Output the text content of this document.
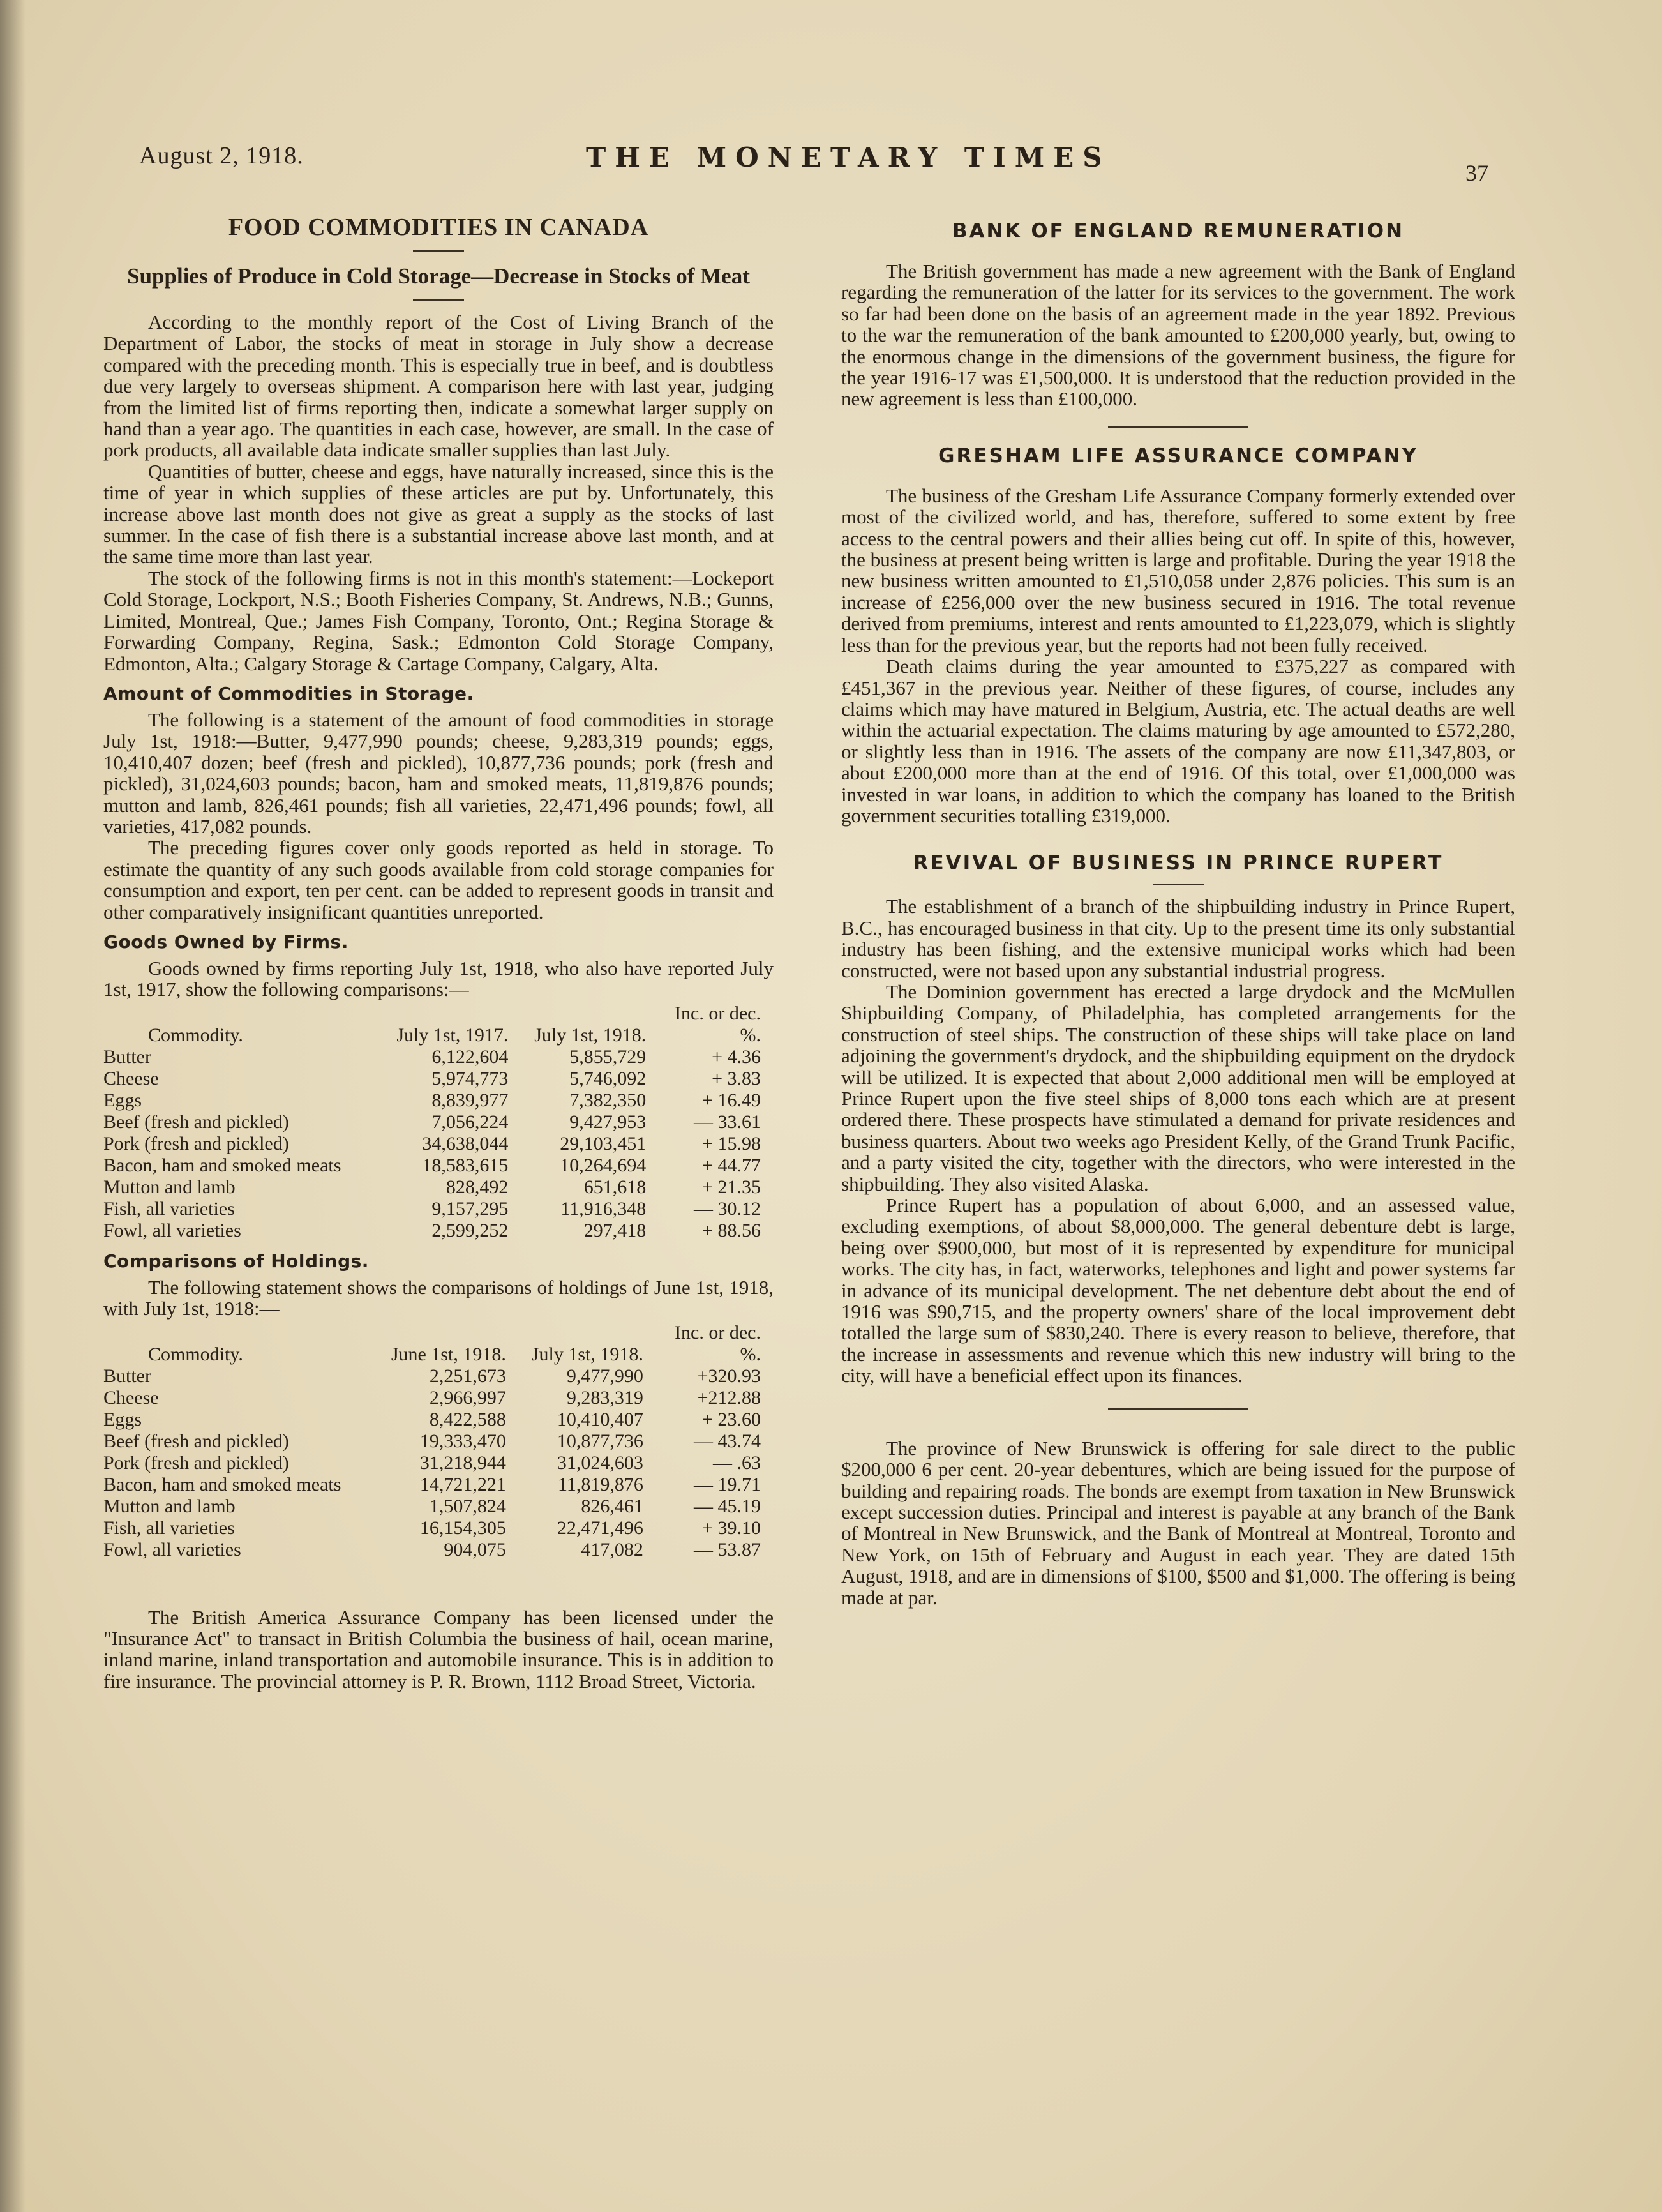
August 2, 1918.	THE MONETARY TIMES	37
FOOD COMMODITIES IN CANADA
Supplies of Produce in Cold Storage—Decrease in Stocks of Meat

According to the monthly report of the Cost of Living Branch of the Department of Labor, the stocks of meat in storage in July show a decrease compared with the preceding month. This is especially true in beef, and is doubtless due very largely to overseas shipment. A comparison here with last year, judging from the limited list of firms reporting then, indicate a somewhat larger supply on hand than a year ago. The quantities in each case, however, are small. In the case of pork products, all available data indicate smaller supplies than last July.

Quantities of butter, cheese and eggs, have naturally increased, since this is the time of year in which supplies of these articles are put by. Unfortunately, this increase above last month does not give as great a supply as the stocks of last summer. In the case of fish there is a substantial increase above last month, and at the same time more than last year.

The stock of the following firms is not in this month's statement:—Lockeport Cold Storage, Lockport, N.S.; Booth Fisheries Company, St. Andrews, N.B.; Gunns, Limited, Montreal, Que.; James Fish Company, Toronto, Ont.; Regina Storage & Forwarding Company, Regina, Sask.; Edmonton Cold Storage Company, Edmonton, Alta.; Calgary Storage & Cartage Company, Calgary, Alta.

Amount of Commodities in Storage.

The following is a statement of the amount of food commodities in storage July 1st, 1918:—Butter, 9,477,990 pounds; cheese, 9,283,319 pounds; eggs, 10,410,407 dozen; beef (fresh and pickled), 10,877,736 pounds; pork (fresh and pickled), 31,024,603 pounds; bacon, ham and smoked meats, 11,819,876 pounds; mutton and lamb, 826,461 pounds; fish all varieties, 22,471,496 pounds; fowl, all varieties, 417,082 pounds.

The preceding figures cover only goods reported as held in storage. To estimate the quantity of any such goods available from cold storage companies for consumption and export, ten per cent. can be added to represent goods in transit and other comparatively insignificant quantities unreported.

Goods Owned by Firms.

Goods owned by firms reporting July 1st, 1918, who also have reported July 1st, 1917, show the following comparisons:—

Commodity.	July 1st, 1917.	July 1st, 1918.	Inc. or dec. %.
Butter	6,122,604	5,855,729	+ 4.36
Cheese	5,974,773	5,746,092	+ 3.83
Eggs	8,839,977	7,382,350	+ 16.49
Beef (fresh and pickled)	7,056,224	9,427,953	— 33.61
Pork (fresh and pickled)	34,638,044	29,103,451	+ 15.98
Bacon, ham and smoked meats	18,583,615	10,264,694	+ 44.77
Mutton and lamb	828,492	651,618	+ 21.35
Fish, all varieties	9,157,295	11,916,348	— 30.12
Fowl, all varieties	2,599,252	297,418	+ 88.56
Comparisons of Holdings.

The following statement shows the comparisons of holdings of June 1st, 1918, with July 1st, 1918:—

Commodity.	June 1st, 1918.	July 1st, 1918.	Inc. or dec. %.
Butter	2,251,673	9,477,990	+320.93
Cheese	2,966,997	9,283,319	+212.88
Eggs	8,422,588	10,410,407	+ 23.60
Beef (fresh and pickled)	19,333,470	10,877,736	— 43.74
Pork (fresh and pickled)	31,218,944	31,024,603	— .63
Bacon, ham and smoked meats	14,721,221	11,819,876	— 19.71
Mutton and lamb	1,507,824	826,461	— 45.19
Fish, all varieties	16,154,305	22,471,496	+ 39.10
Fowl, all varieties	904,075	417,082	— 53.87

The British America Assurance Company has been licensed under the "Insurance Act" to transact in British Columbia the business of hail, ocean marine, inland marine, inland transportation and automobile insurance. This is in addition to fire insurance. The provincial attorney is P. R. Brown, 1112 Broad Street, Victoria.

BANK OF ENGLAND REMUNERATION

The British government has made a new agreement with the Bank of England regarding the remuneration of the latter for its services to the government. The work so far had been done on the basis of an agreement made in the year 1892. Previous to the war the remuneration of the bank amounted to £200,000 yearly, but, owing to the enormous change in the dimensions of the government business, the figure for the year 1916-17 was £1,500,000. It is understood that the reduction provided in the new agreement is less than £100,000.

GRESHAM LIFE ASSURANCE COMPANY

The business of the Gresham Life Assurance Company formerly extended over most of the civilized world, and has, therefore, suffered to some extent by free access to the central powers and their allies being cut off. In spite of this, however, the business at present being written is large and profitable. During the year 1918 the new business written amounted to £1,510,058 under 2,876 policies. This sum is an increase of £256,000 over the new business secured in 1916. The total revenue derived from premiums, interest and rents amounted to £1,223,079, which is slightly less than for the previous year, but the reports had not been fully received.

Death claims during the year amounted to £375,227 as compared with £451,367 in the previous year. Neither of these figures, of course, includes any claims which may have matured in Belgium, Austria, etc. The actual deaths are well within the actuarial expectation. The claims maturing by age amounted to £572,280, or slightly less than in 1916. The assets of the company are now £11,347,803, or about £200,000 more than at the end of 1916. Of this total, over £1,000,000 was invested in war loans, in addition to which the company has loaned to the British government securities totalling £319,000.

REVIVAL OF BUSINESS IN PRINCE RUPERT

The establishment of a branch of the shipbuilding industry in Prince Rupert, B.C., has encouraged business in that city. Up to the present time its only substantial industry has been fishing, and the extensive municipal works which had been constructed, were not based upon any substantial industrial progress.

The Dominion government has erected a large drydock and the McMullen Shipbuilding Company, of Philadelphia, has completed arrangements for the construction of steel ships. The construction of these ships will take place on land adjoining the government's drydock, and the shipbuilding equipment on the drydock will be utilized. It is expected that about 2,000 additional men will be employed at Prince Rupert upon the five steel ships of 8,000 tons each which are at present ordered there. These prospects have stimulated a demand for private residences and business quarters. About two weeks ago President Kelly, of the Grand Trunk Pacific, and a party visited the city, together with the directors, who were interested in the shipbuilding. They also visited Alaska.

Prince Rupert has a population of about 6,000, and an assessed value, excluding exemptions, of about $8,000,000. The general debenture debt is large, being over $900,000, but most of it is represented by expenditure for municipal works. The city has, in fact, waterworks, telephones and light and power systems far in advance of its municipal development. The net debenture debt about the end of 1916 was $90,715, and the property owners' share of the local improvement debt totalled the large sum of $830,240. There is every reason to believe, therefore, that the increase in assessments and revenue which this new industry will bring to the city, will have a beneficial effect upon its finances.

The province of New Brunswick is offering for sale direct to the public $200,000 6 per cent. 20-year debentures, which are being issued for the purpose of building and repairing roads. The bonds are exempt from taxation in New Brunswick except succession duties. Principal and interest is payable at any branch of the Bank of Montreal in New Brunswick, and the Bank of Montreal at Montreal, Toronto and New York, on 15th of February and August in each year. They are dated 15th August, 1918, and are in dimensions of $100, $500 and $1,000. The offering is being made at par.
